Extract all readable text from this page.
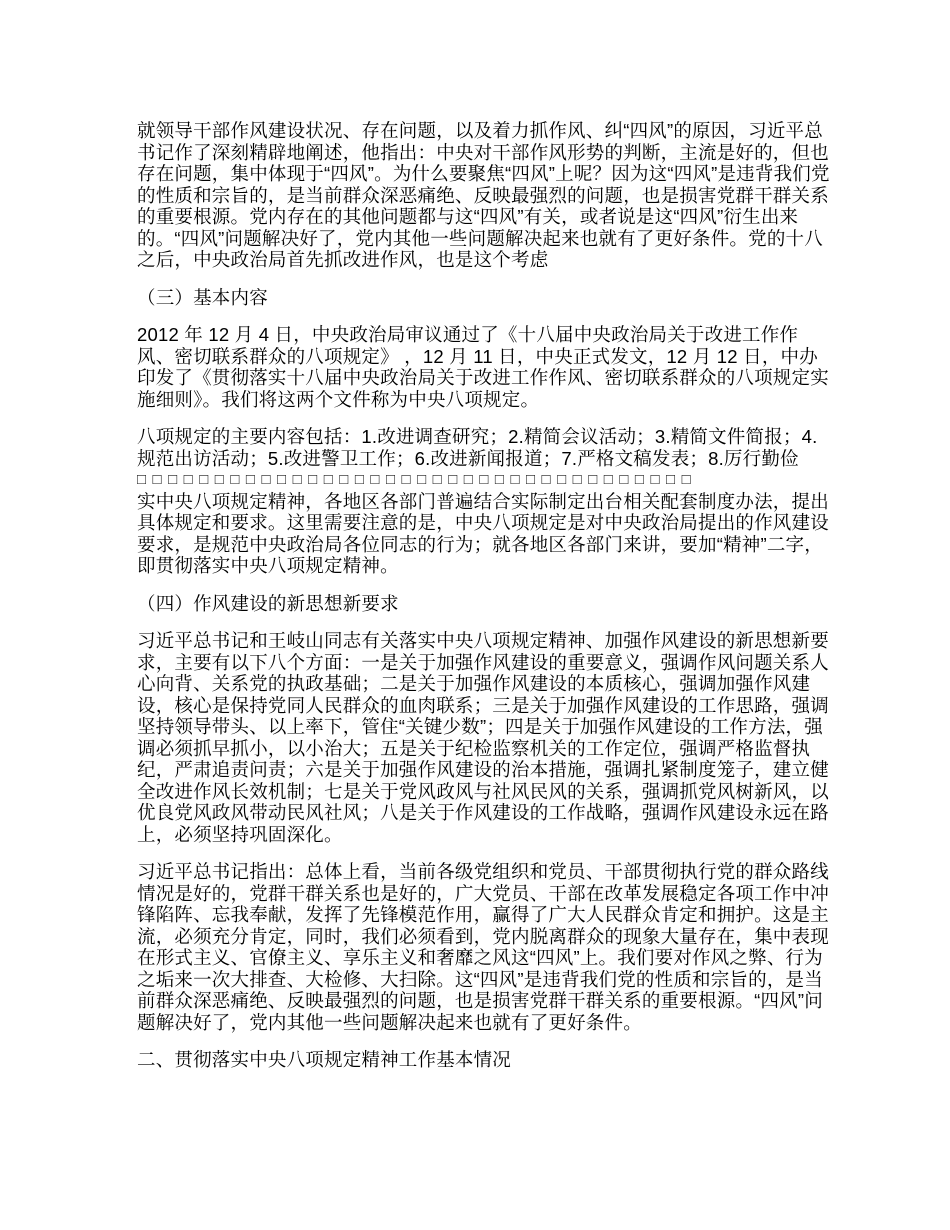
就领导干部作风建设状况、存在问题，以及着力抓作风、纠“四风”的原因，习近平总书记作了深刻精辟地阐述，他指出：中央对干部作风形势的判断，主流是好的，但也存在问题，集中体现于“四风”。为什么要聚焦“四风”上呢？因为这“四风”是违背我们党的性质和宗旨的，是当前群众深恶痛绝、反映最强烈的问题，也是损害党群干群关系的重要根源。党内存在的其他问题都与这“四风”有关，或者说是这“四风”衍生出来的。“四风”问题解决好了，党内其他一些问题解决起来也就有了更好条件。党的十八之后，中央政治局首先抓改进作风，也是这个考虑

（三）基本内容

2012 年 12 月 4 日，中央政治局审议通过了《十八届中央政治局关于改进工作作风、密切联系群众的八项规定》 ，12 月 11 日，中央正式发文，12 月 12 日，中办印发了《贯彻落实十八届中央政治局关于改进工作作风、密切联系群众的八项规定实施细则》。我们将这两个文件称为中央八项规定。

八项规定的主要内容包括：1.改进调查研究；2.精简会议活动；3.精简文件简报；4.规范出访活动；5.改进警卫工作；6.改进新闻报道；7.严格文稿发表；8.厉行勤俭

□□□□□□□□□□□□□□□□□□□□□□□□□□□□□□□□□□□□

实中央八项规定精神，各地区各部门普遍结合实际制定出台相关配套制度办法，提出具体规定和要求。这里需要注意的是，中央八项规定是对中央政治局提出的作风建设要求，是规范中央政治局各位同志的行为；就各地区各部门来讲，要加“精神”二字，即贯彻落实中央八项规定精神。

（四）作风建设的新思想新要求

习近平总书记和王岐山同志有关落实中央八项规定精神、加强作风建设的新思想新要求，主要有以下八个方面：一是关于加强作风建设的重要意义，强调作风问题关系人心向背、关系党的执政基础；二是关于加强作风建设的本质核心，强调加强作风建设，核心是保持党同人民群众的血肉联系；三是关于加强作风建设的工作思路，强调坚持领导带头、以上率下，管住“关键少数”；四是关于加强作风建设的工作方法，强调必须抓早抓小，以小治大；五是关于纪检监察机关的工作定位，强调严格监督执纪，严肃追责问责；六是关于加强作风建设的治本措施，强调扎紧制度笼子，建立健全改进作风长效机制；七是关于党风政风与社风民风的关系，强调抓党风树新风，以优良党风政风带动民风社风；八是关于作风建设的工作战略，强调作风建设永远在路上，必须坚持巩固深化。

习近平总书记指出：总体上看，当前各级党组织和党员、干部贯彻执行党的群众路线情况是好的，党群干群关系也是好的，广大党员、干部在改革发展稳定各项工作中冲锋陷阵、忘我奉献，发挥了先锋模范作用，赢得了广大人民群众肯定和拥护。这是主流，必须充分肯定，同时，我们必须看到，党内脱离群众的现象大量存在，集中表现在形式主义、官僚主义、享乐主义和奢靡之风这“四风”上。我们要对作风之弊、行为之垢来一次大排查、大检修、大扫除。这“四风”是违背我们党的性质和宗旨的，是当前群众深恶痛绝、反映最强烈的问题，也是损害党群干群关系的重要根源。“四风”问题解决好了，党内其他一些问题解决起来也就有了更好条件。

二、贯彻落实中央八项规定精神工作基本情况
